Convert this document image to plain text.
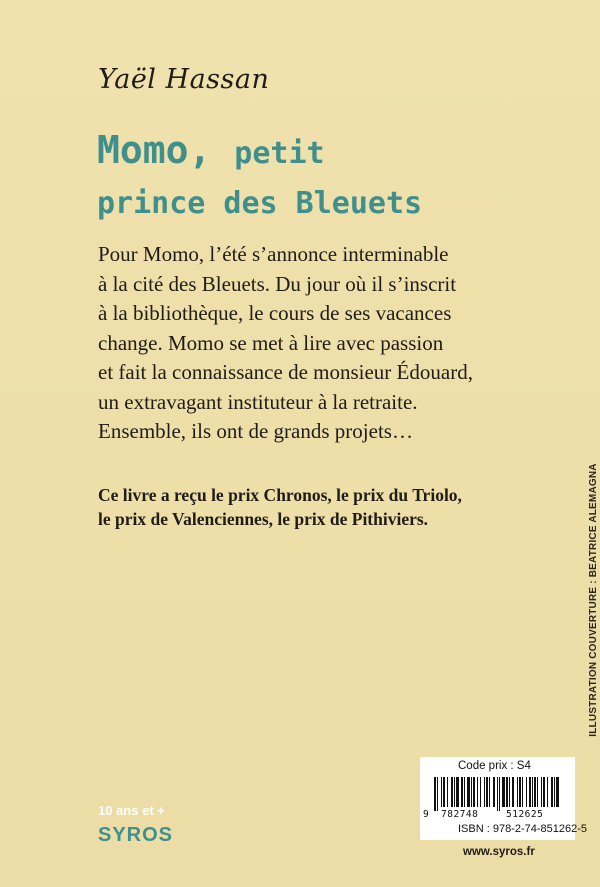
Yaël Hassan
Momo, petit
prince des Bleuets
Pour Momo, l’été s’annonce interminable
à la cité des Bleuets. Du jour où il s’inscrit
à la bibliothèque, le cours de ses vacances
change. Momo se met à lire avec passion
et fait la connaissance de monsieur Édouard,
un extravagant instituteur à la retraite.
Ensemble, ils ont de grands projets…
Ce livre a reçu le prix Chronos, le prix du Triolo,
le prix de Valenciennes, le prix de Pithiviers.	ILLUSTRATION COUVERTURE : BEATRICE ALEMAGNA
10 ans et +
SYROS
Code prix : S4
9 782748	512625
ISBN : 978-2-74-851262-5
www.syros.fr
